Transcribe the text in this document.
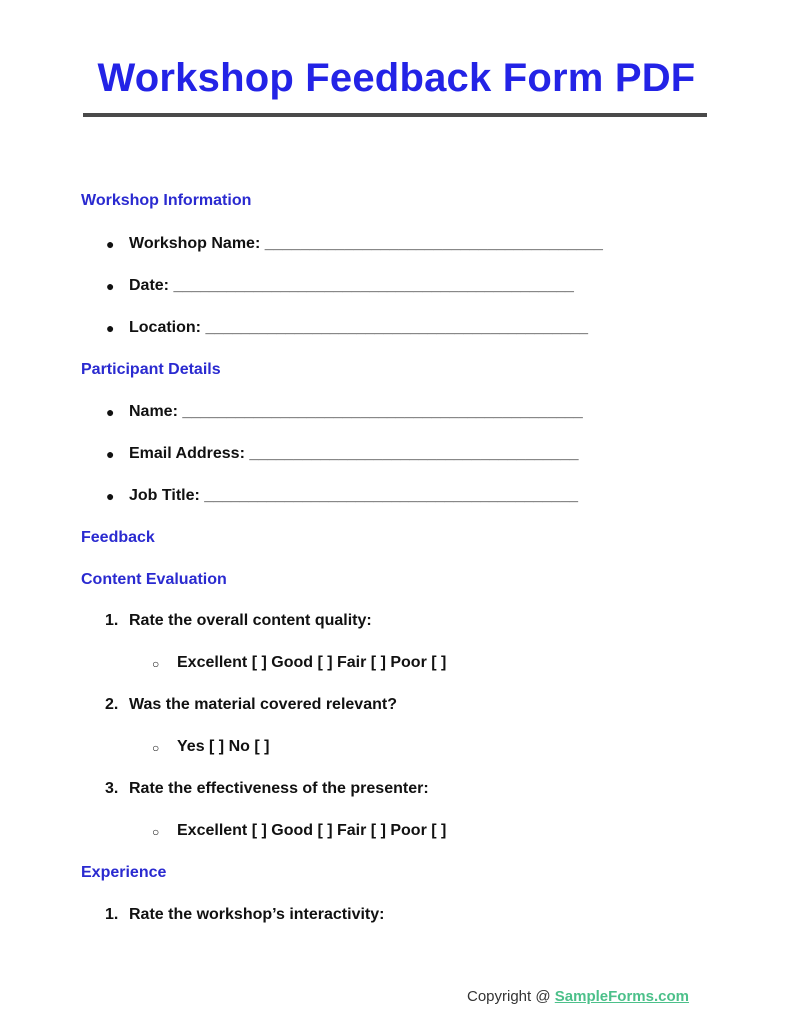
Workshop Feedback Form PDF
Workshop Information
● Workshop Name: ______________________________________
● Date: _____________________________________________
● Location: ___________________________________________
Participant Details
● Name: _____________________________________________
● Email Address: _____________________________________
● Job Title: __________________________________________
Feedback
Content Evaluation
1. Rate the overall content quality:
○ Excellent [ ] Good [ ] Fair [ ] Poor [ ]
2. Was the material covered relevant?
○ Yes [ ] No [ ]
3. Rate the effectiveness of the presenter:
○ Excellent [ ] Good [ ] Fair [ ] Poor [ ]
Experience
1. Rate the workshop’s interactivity:
Copyright @ SampleForms.com
